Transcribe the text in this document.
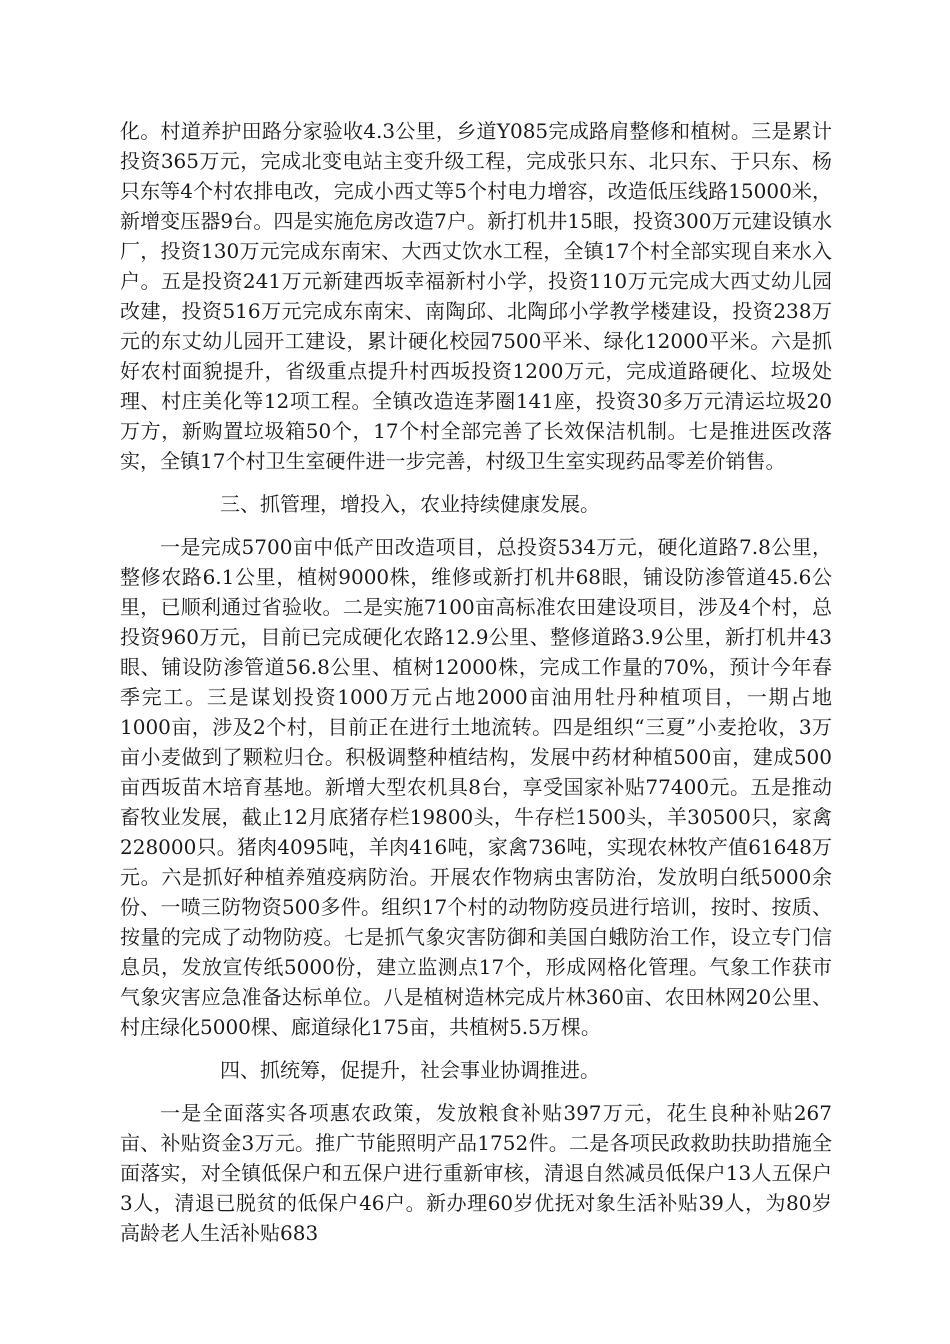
化。村道养护田路分家验收4.3公里，乡道Y085完成路肩整修和植树。三是累计投资365万元，完成北变电站主变升级工程，完成张只东、北只东、于只东、杨只东等4个村农排电改，完成小西丈等5个村电力增容，改造低压线路15000米，新增变压器9台。四是实施危房改造7户。新打机井15眼，投资300万元建设镇水厂，投资130万元完成东南宋、大西丈饮水工程，全镇17个村全部实现自来水入户。五是投资241万元新建西坂幸福新村小学，投资110万元完成大西丈幼儿园改建，投资516万元完成东南宋、南陶邱、北陶邱小学教学楼建设，投资238万元的东丈幼儿园开工建设，累计硬化校园7500平米、绿化12000平米。六是抓好农村面貌提升，省级重点提升村西坂投资1200万元，完成道路硬化、垃圾处理、村庄美化等12项工程。全镇改造连茅圈141座，投资30多万元清运垃圾20万方，新购置垃圾箱50个，17个村全部完善了长效保洁机制。七是推进医改落实，全镇17个村卫生室硬件进一步完善，村级卫生室实现药品零差价销售。

三、抓管理，增投入，农业持续健康发展。

一是完成5700亩中低产田改造项目，总投资534万元，硬化道路7.8公里，整修农路6.1公里，植树9000株，维修或新打机井68眼，铺设防渗管道45.6公里，已顺利通过省验收。二是实施7100亩高标准农田建设项目，涉及4个村，总投资960万元，目前已完成硬化农路12.9公里、整修道路3.9公里，新打机井43眼、铺设防渗管道56.8公里、植树12000株，完成工作量的70%，预计今年春季完工。三是谋划投资1000万元占地2000亩油用牡丹种植项目，一期占地1000亩，涉及2个村，目前正在进行土地流转。四是组织“三夏”小麦抢收，3万亩小麦做到了颗粒归仓。积极调整种植结构，发展中药材种植500亩，建成500亩西坂苗木培育基地。新增大型农机具8台，享受国家补贴77400元。五是推动畜牧业发展，截止12月底猪存栏19800头，牛存栏1500头，羊30500只，家禽228000只。猪肉4095吨，羊肉416吨，家禽736吨，实现农林牧产值61648万元。六是抓好种植养殖疫病防治。开展农作物病虫害防治，发放明白纸5000余份、一喷三防物资500多件。组织17个村的动物防疫员进行培训，按时、按质、按量的完成了动物防疫。七是抓气象灾害防御和美国白蛾防治工作，设立专门信息员，发放宣传纸5000份，建立监测点17个，形成网格化管理。气象工作获市气象灾害应急准备达标单位。八是植树造林完成片林360亩、农田林网20公里、村庄绿化5000棵、廊道绿化175亩，共植树5.5万棵。

四、抓统筹，促提升，社会事业协调推进。

一是全面落实各项惠农政策，发放粮食补贴397万元，花生良种补贴267亩、补贴资金3万元。推广节能照明产品1752件。二是各项民政救助扶助措施全面落实，对全镇低保户和五保户进行重新审核，清退自然减员低保户13人五保户3人，清退已脱贫的低保户46户。新办理60岁优抚对象生活补贴39人，为80岁高龄老人生活补贴683
